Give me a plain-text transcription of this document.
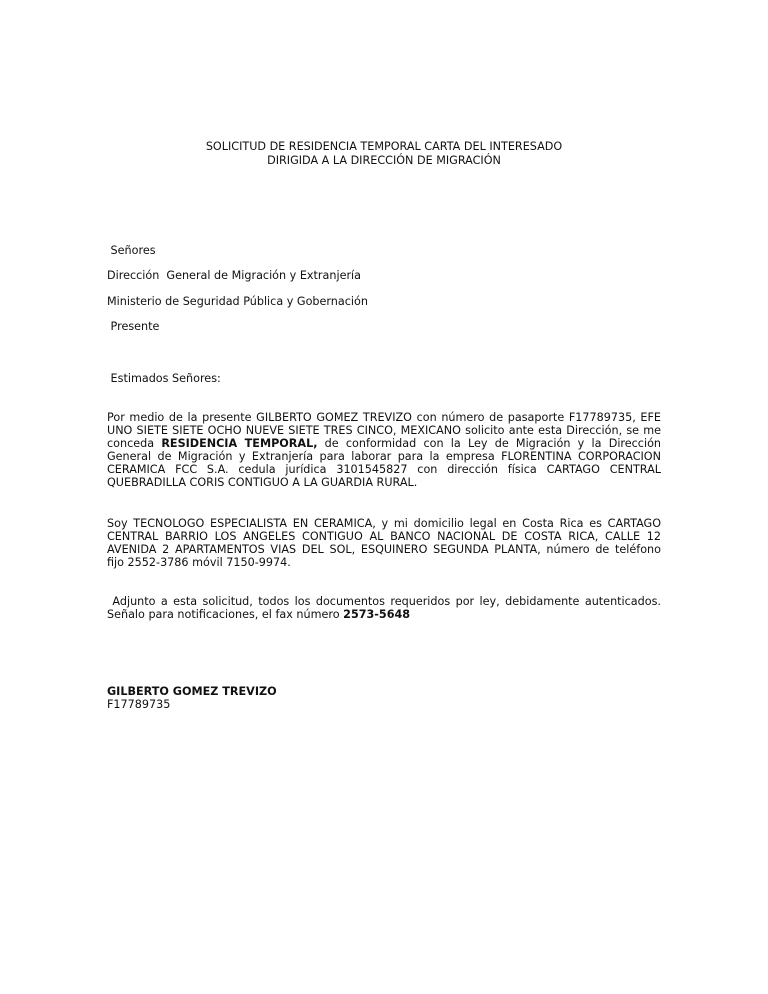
SOLICITUD DE RESIDENCIA TEMPORAL CARTA DEL INTERESADO
DIRIGIDA A LA DIRECCIÓN DE MIGRACIÓN
Señores
Dirección  General de Migración y Extranjería
Ministerio de Seguridad Pública y Gobernación
Presente
Estimados Señores:
Por medio de la presente GILBERTO GOMEZ TREVIZO con número de pasaporte F17789735, EFE
UNO SIETE SIETE OCHO NUEVE SIETE TRES CINCO, MEXICANO solicito ante esta Dirección, se me
conceda RESIDENCIA TEMPORAL, de conformidad con la Ley de Migración y la Dirección
General de Migración y Extranjería para laborar para la empresa FLORENTINA CORPORACION
CERAMICA FCC S.A. cedula jurídica 3101545827 con dirección física CARTAGO CENTRAL
QUEBRADILLA CORIS CONTIGUO A LA GUARDIA RURAL.
Soy TECNOLOGO ESPECIALISTA EN CERAMICA, y mi domicilio legal en Costa Rica es CARTAGO
CENTRAL BARRIO LOS ANGELES CONTIGUO AL BANCO NACIONAL DE COSTA RICA, CALLE 12
AVENIDA 2 APARTAMENTOS VIAS DEL SOL, ESQUINERO SEGUNDA PLANTA, número de teléfono
fijo 2552-3786 móvil 7150-9974.
Adjunto a esta solicitud, todos los documentos requeridos por ley, debidamente autenticados.
Señalo para notificaciones, el fax número 2573-5648
GILBERTO GOMEZ TREVIZO
F17789735
